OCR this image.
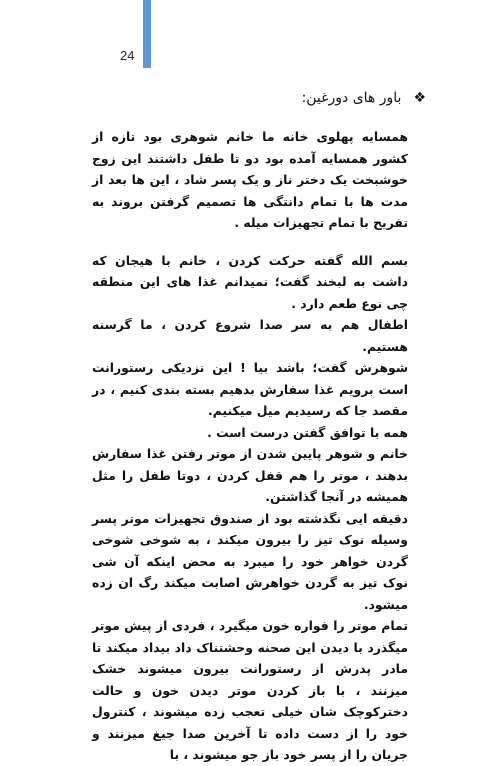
24
❖
باور های دورغین:

همسایه پهلوی خانه ما خانم شوهری بود تازه از کشور همسایه آمده بود دو تا طفل داشتند این زوج خوشبخت یک دختر ناز و یک پسر شاد ، این ها بعد از مدت ها با تمام دانتگی ها تصمیم گرفتن بروند به تفریح با تمام تجهیزات میله .

بسم الله گفته حرکت کردن ، خانم با هیجان که داشت به لبخند گفت؛ نمیدانم غذا های این منطقه چی نوع طعم دارد .

اطفال هم به سر صدا شروع کردن ، ما گرسنه هستیم.

شوهرش گفت؛ باشد بیا ! این نزدیکی رستورانت است برویم غذا سفارش بدهیم بسته بندی کنیم ، در مقصد جا که رسیدیم میل میکنیم.

همه با توافق گفتن درست است .

خانم و شوهر پایین شدن از موتر رفتن غذا سفارش بدهند ، موتر را هم قفل کردن ، دوتا طفل را مثل همیشه در آنجا گذاشتن.

دقیقه ایی نگذشته بود از صندوق تجهیزات موتر پسر وسیله نوک تیز را بیرون میکند ، به شوخی شوخی گردن خواهر خود را میبرد به محض اینکه آن شی نوک تیز به گردن خواهرش اصابت میکند رگ ان زده میشود.

تمام موتر را فواره خون میگیرد ، فردی از پیش موتر میگذرد با دیدن این صحنه وحشتناک داد بیداد میکند تا مادر پدرش از رستورانت بیرون میشوند خشک میزنند ، با باز کردن موتر دیدن خون و حالت دخترکوچک شان خیلی تعجب زده میشوند ، کنترول خود را از دست داده تا آخرین صدا جیغ میزنند و جریان را از پسر خود باز جو میشوند ، با
